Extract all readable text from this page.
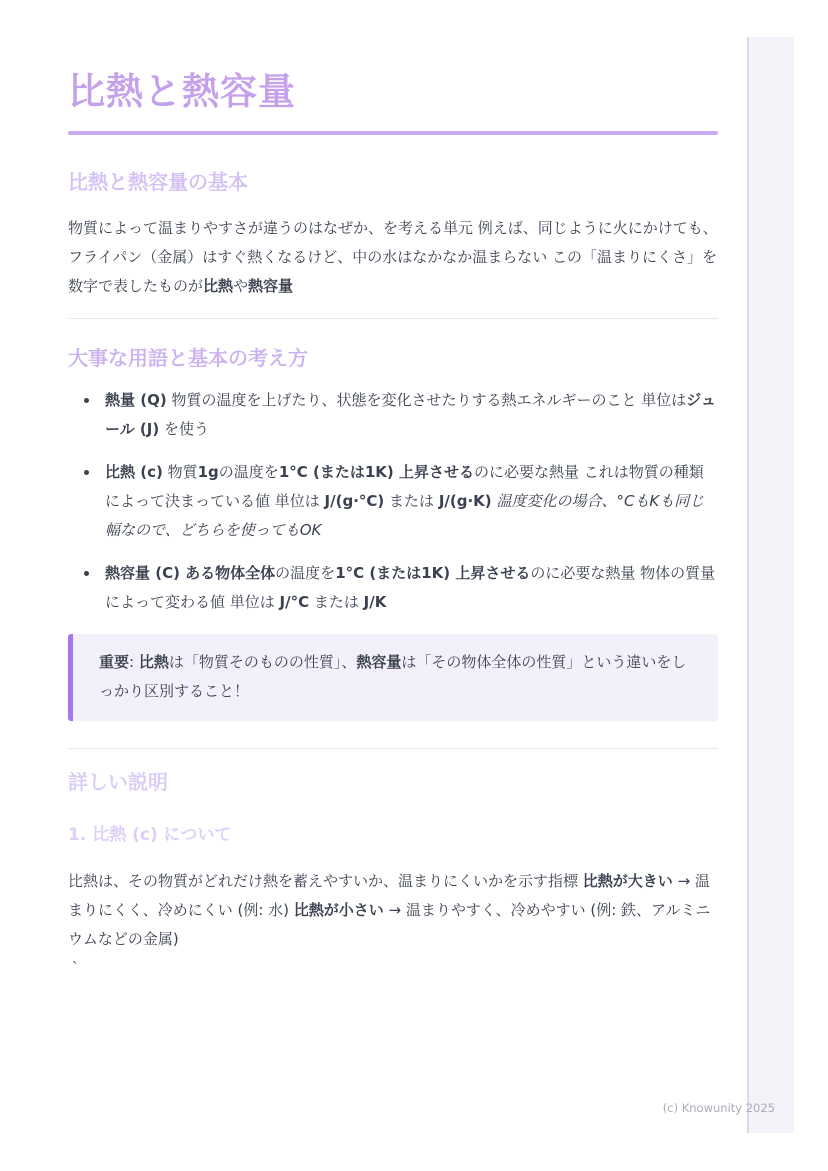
比熱と熱容量
比熱と熱容量の基本

物質によって温まりやすさが違うのはなぜか、を考える単元 例えば、同じように火にかけても、フライパン（金属）はすぐ熱くなるけど、中の水はなかなか温まらない この「温まりにくさ」を数字で表したものが比熱や熱容量

大事な用語と基本の考え方
熱量 (Q) 物質の温度を上げたり、状態を変化させたりする熱エネルギーのこと 単位はジュール (J) を使う
比熱 (c) 物質1gの温度を1°C (または1K) 上昇させるのに必要な熱量 これは物質の種類によって決まっている値 単位は J/(g·°C) または J/(g·K) 温度変化の場合、°CもKも同じ幅なので、どちらを使ってもOK
熱容量 (C) ある物体全体の温度を1°C (または1K) 上昇させるのに必要な熱量 物体の質量によって変わる値 単位は J/°C または J/K

重要: 比熱は「物質そのものの性質」、熱容量は「その物体全体の性質」という違いをしっかり区別すること！

詳しい説明
1. 比熱 (c) について

比熱は、その物質がどれだけ熱を蓄えやすいか、温まりにくいかを示す指標 比熱が大きい → 温まりにくく、冷めにくい (例: 水) 比熱が小さい → 温まりやすく、冷めやすい (例: 鉄、アルミニウムなどの金属)

`

(c) Knowunity 2025
